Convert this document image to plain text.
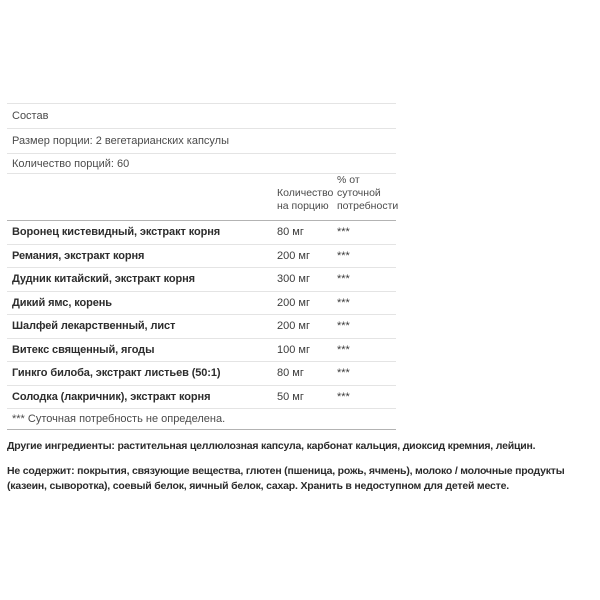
Состав
Размер порции: 2 вегетарианских капсулы
Количество порций: 60
Количество на порцию
% от суточной потребности
Воронец кистевидный, экстракт корня	80 мг	***
Ремания, экстракт корня	200 мг	***
Дудник китайский, экстракт корня	300 мг	***
Дикий ямс, корень	200 мг	***
Шалфей лекарственный, лист	200 мг	***
Витекс священный, ягоды	100 мг	***
Гинкго билоба, экстракт листьев (50:1)	80 мг	***
Солодка (лакричник), экстракт корня	50 мг	***
*** Суточная потребность не определена.

Другие ингредиенты: растительная целлюлозная капсула, карбонат кальция, диоксид кремния, лейцин.

Не содержит: покрытия, связующие вещества, глютен (пшеница, рожь, ячмень), молоко / молочные продукты (казеин, сыворотка), соевый белок, яичный белок, сахар. Хранить в недоступном для детей месте.
